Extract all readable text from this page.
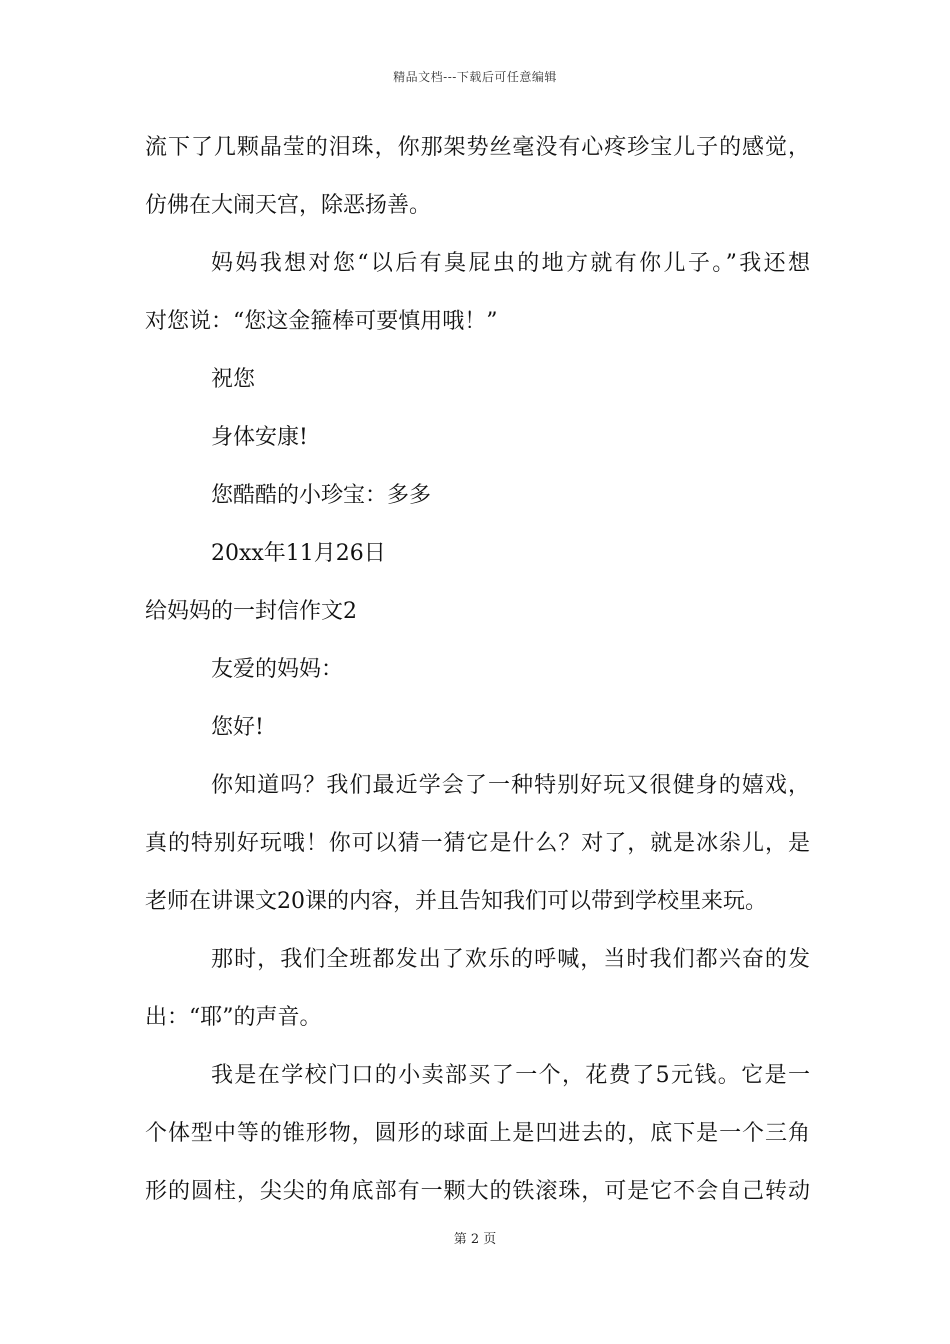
精品文档---下载后可任意编辑
流下了几颗晶莹的泪珠，你那架势丝毫没有心疼珍宝儿子的感觉，
仿佛在大闹天宫，除恶扬善。
妈妈我想对您“以后有臭屁虫的地方就有你儿子。”我还想
对您说：“您这金箍棒可要慎用哦！”
祝您
身体安康!
您酷酷的小珍宝：多多
20xx年11月26日
给妈妈的一封信作文2
友爱的妈妈：
您好!
你知道吗？我们最近学会了一种特别好玩又很健身的嬉戏，
真的特别好玩哦！你可以猜一猜它是什么？对了，就是冰尜儿，是
老师在讲课文20课的内容，并且告知我们可以带到学校里来玩。
那时，我们全班都发出了欢乐的呼喊，当时我们都兴奋的发
出：“耶”的声音。
我是在学校门口的小卖部买了一个，花费了5元钱。它是一
个体型中等的锥形物，圆形的球面上是凹进去的，底下是一个三角
形的圆柱，尖尖的角底部有一颗大的铁滚珠，可是它不会自己转动
第 2 页
